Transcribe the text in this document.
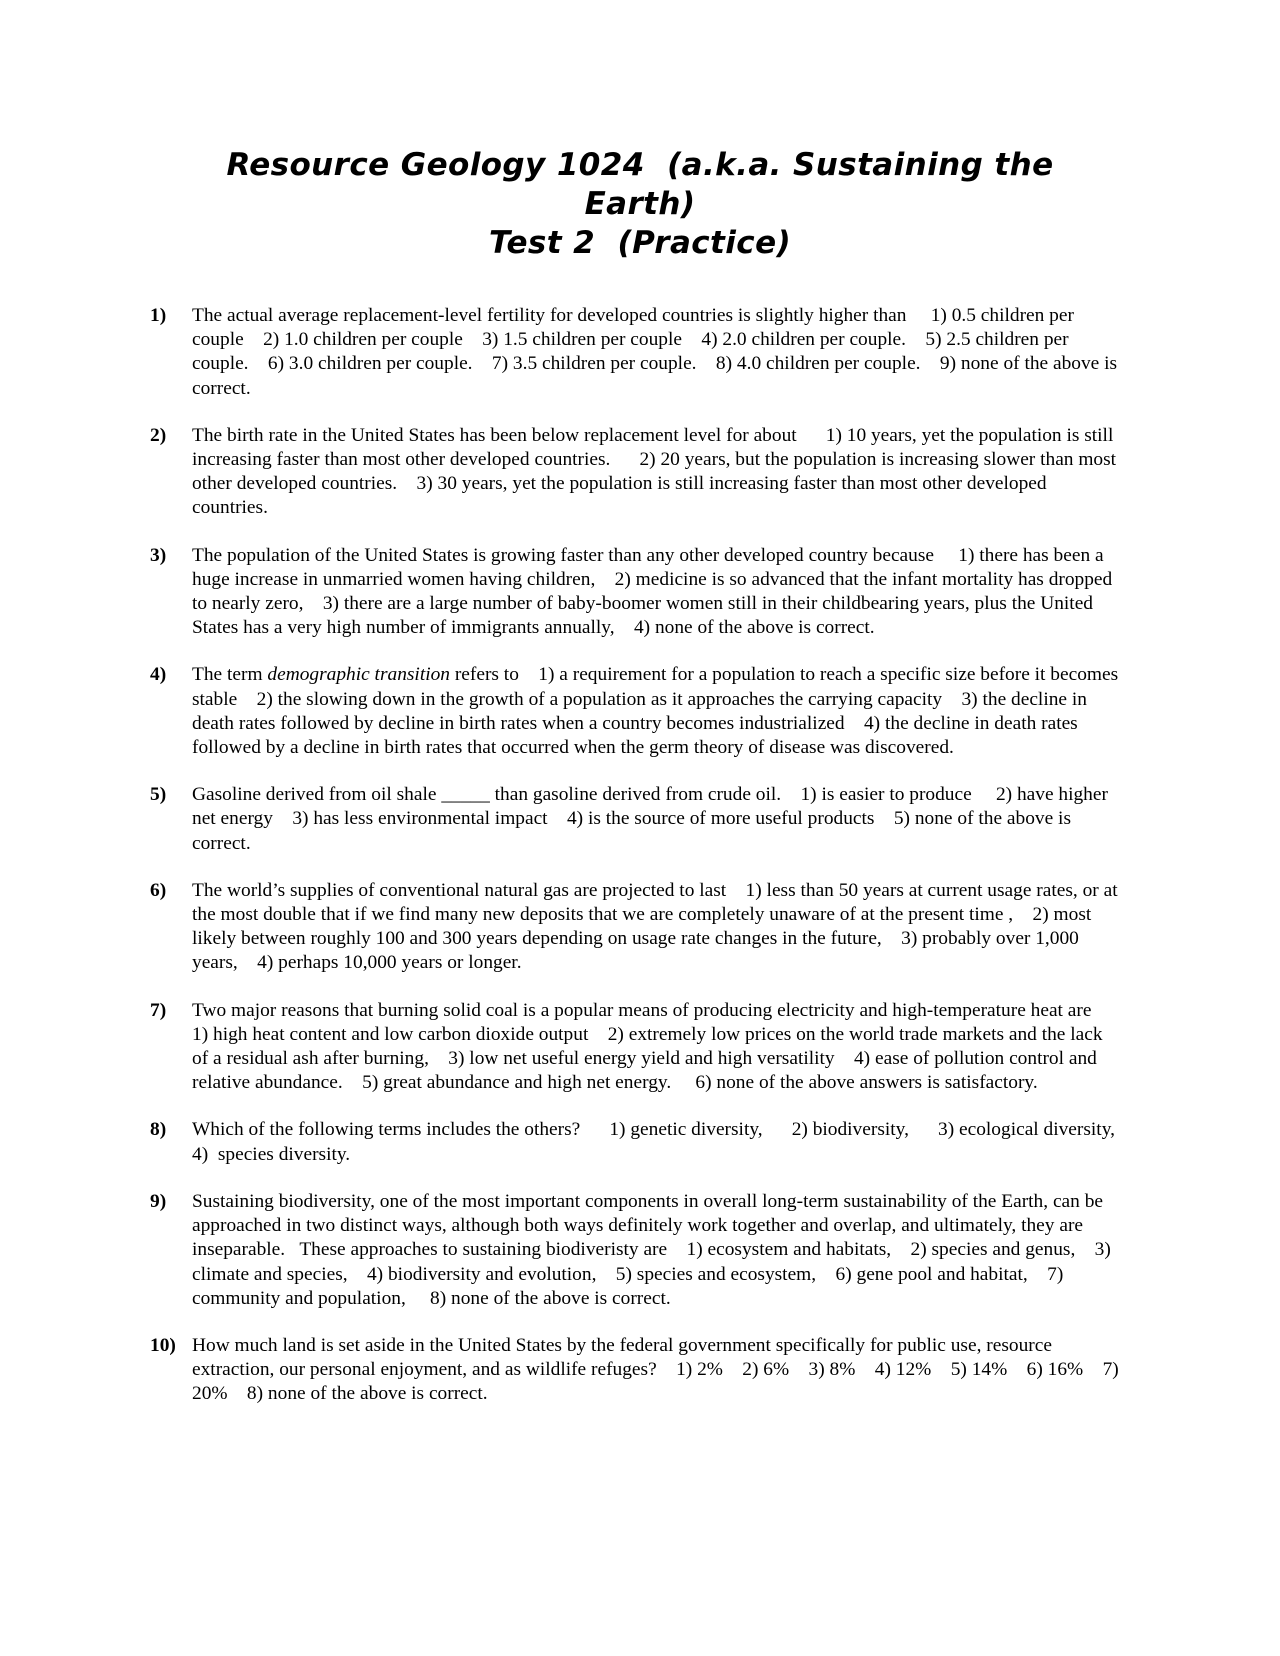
Resource Geology 1024  (a.k.a. Sustaining the
Earth)
Test 2  (Practice)
1) The actual average replacement-level fertility for developed countries is slightly higher than     1) 0.5 children per couple    2) 1.0 children per couple    3) 1.5 children per couple    4) 2.0 children per couple.    5) 2.5 children per couple.    6) 3.0 children per couple.    7) 3.5 children per couple.    8) 4.0 children per couple.    9) none of the above is correct.
2) The birth rate in the United States has been below replacement level for about      1) 10 years, yet the population is still increasing faster than most other developed countries.      2) 20 years, but the population is increasing slower than most other developed countries.    3) 30 years, yet the population is still increasing faster than most other developed countries.
3) The population of the United States is growing faster than any other developed country because     1) there has been a huge increase in unmarried women having children,    2) medicine is so advanced that the infant mortality has dropped to nearly zero,    3) there are a large number of baby-boomer women still in their childbearing years, plus the United States has a very high number of immigrants annually,    4) none of the above is correct.
4) The term demographic transition refers to    1) a requirement for a population to reach a specific size before it becomes stable    2) the slowing down in the growth of a population as it approaches the carrying capacity    3) the decline in death rates followed by decline in birth rates when a country becomes industrialized    4) the decline in death rates followed by a decline in birth rates that occurred when the germ theory of disease was discovered.
5) Gasoline derived from oil shale _____ than gasoline derived from crude oil.    1) is easier to produce     2) have higher net energy    3) has less environmental impact    4) is the source of more useful products    5) none of the above is correct.
6) The world’s supplies of conventional natural gas are projected to last    1) less than 50 years at current usage rates, or at the most double that if we find many new deposits that we are completely unaware of at the present time ,    2) most likely between roughly 100 and 300 years depending on usage rate changes in the future,    3) probably over 1,000 years,    4) perhaps 10,000 years or longer.
7) Two major reasons that burning solid coal is a popular means of producing electricity and high-temperature heat are    1) high heat content and low carbon dioxide output    2) extremely low prices on the world trade markets and the lack of a residual ash after burning,    3) low net useful energy yield and high versatility    4) ease of pollution control and relative abundance.    5) great abundance and high net energy.     6) none of the above answers is satisfactory.
8) Which of the following terms includes the others?      1) genetic diversity,      2) biodiversity,      3) ecological diversity,      4)  species diversity.
9) Sustaining biodiversity, one of the most important components in overall long-term sustainability of the Earth, can be approached in two distinct ways, although both ways definitely work together and overlap, and ultimately, they are inseparable.   These approaches to sustaining biodiveristy are    1) ecosystem and habitats,    2) species and genus,    3) climate and species,    4) biodiversity and evolution,    5) species and ecosystem,    6) gene pool and habitat,    7) community and population,     8) none of the above is correct.
10) How much land is set aside in the United States by the federal government specifically for public use, resource extraction, our personal enjoyment, and as wildlife refuges?    1) 2%    2) 6%    3) 8%    4) 12%    5) 14%    6) 16%    7) 20%    8) none of the above is correct.
